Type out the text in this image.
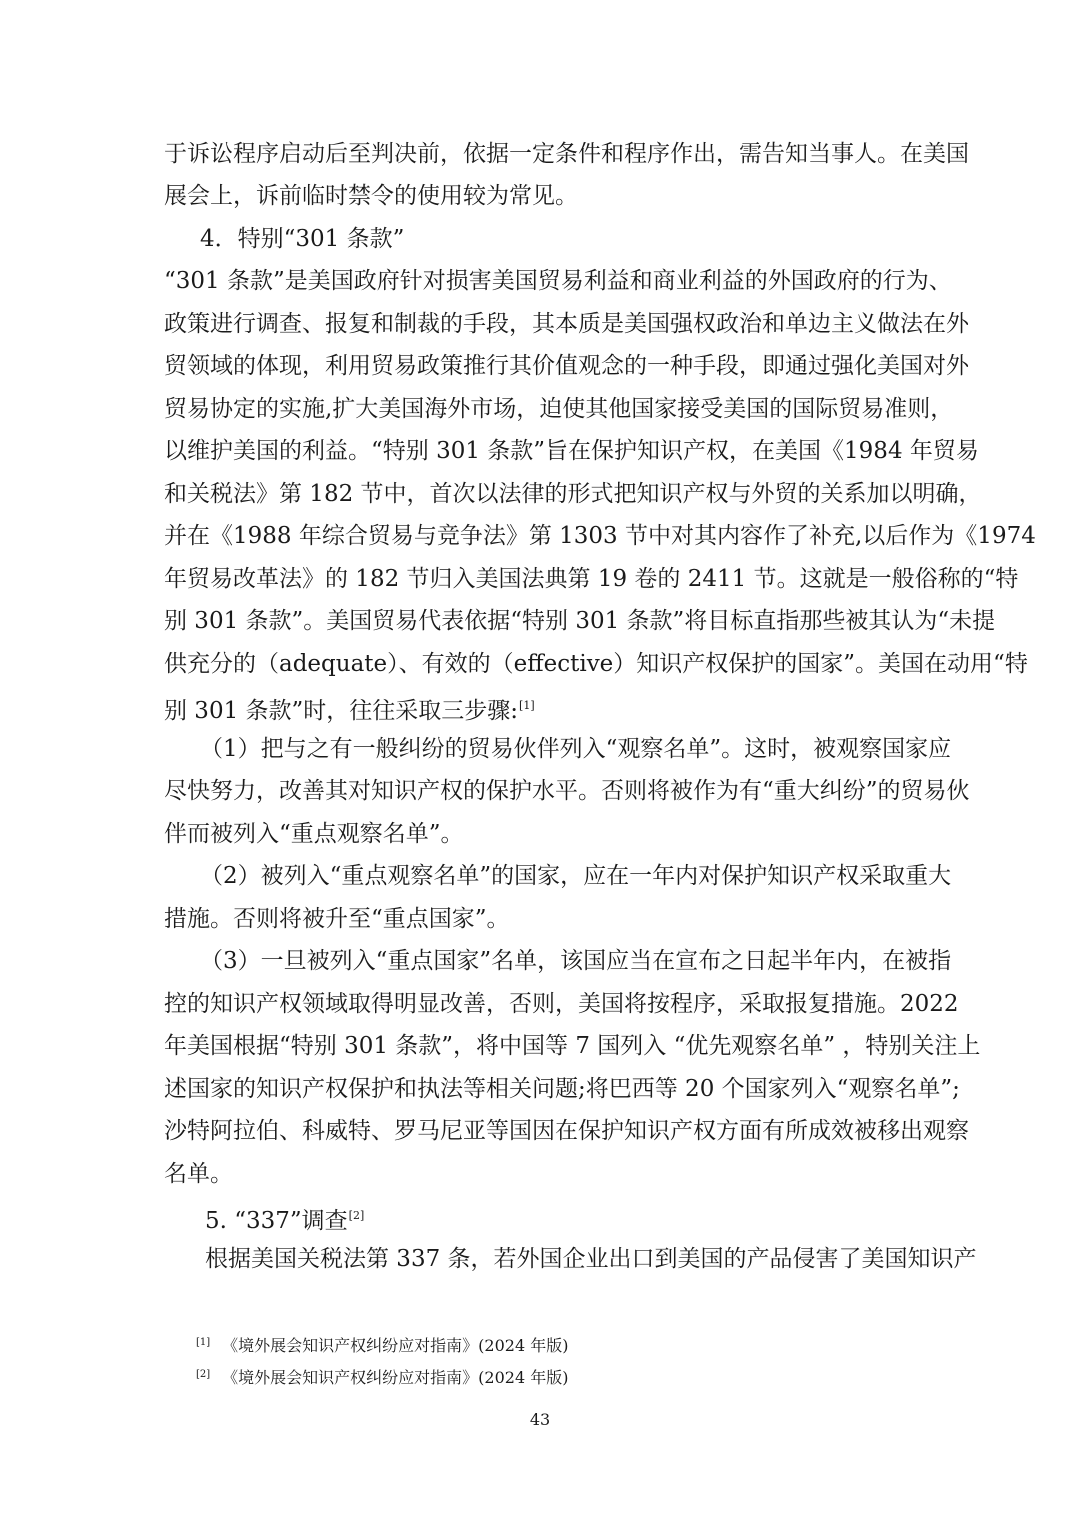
于诉讼程序启动后至判决前，依据一定条件和程序作出，需告知当事人。在美国
展会上，诉前临时禁令的使用较为常见。
4．特别“301 条款”
“301 条款”是美国政府针对损害美国贸易利益和商业利益的外国政府的行为、
政策进行调查、报复和制裁的手段，其本质是美国强权政治和单边主义做法在外
贸领域的体现，利用贸易政策推行其价值观念的一种手段，即通过强化美国对外
贸易协定的实施,扩大美国海外市场，迫使其他国家接受美国的国际贸易准则，
以维护美国的利益。“特别 301 条款”旨在保护知识产权，在美国《1984 年贸易
和关税法》第 182 节中，首次以法律的形式把知识产权与外贸的关系加以明确，
并在《1988 年综合贸易与竞争法》第 1303 节中对其内容作了补充,以后作为《1974
年贸易改革法》的 182 节归入美国法典第 19 卷的 2411 节。这就是一般俗称的“特
别 301 条款”。美国贸易代表依据“特别 301 条款”将目标直指那些被其认为“未提
供充分的（adequate）、有效的（effective）知识产权保护的国家”。美国在动用“特
别 301 条款”时，往往采取三步骤:[1]
（1）把与之有一般纠纷的贸易伙伴列入“观察名单”。这时，被观察国家应
尽快努力，改善其对知识产权的保护水平。否则将被作为有“重大纠纷”的贸易伙
伴而被列入“重点观察名单”。
（2）被列入“重点观察名单”的国家，应在一年内对保护知识产权采取重大
措施。否则将被升至“重点国家”。
（3）一旦被列入“重点国家”名单，该国应当在宣布之日起半年内，在被指
控的知识产权领域取得明显改善，否则，美国将按程序，采取报复措施。2022
年美国根据“特别 301 条款”，将中国等 7 国列入 “优先观察名单” ，特别关注上
述国家的知识产权保护和执法等相关问题;将巴西等 20 个国家列入“观察名单”;
沙特阿拉伯、科威特、罗马尼亚等国因在保护知识产权方面有所成效被移出观察
名单。
5. “337”调查[2]
根据美国关税法第 337 条，若外国企业出口到美国的产品侵害了美国知识产
[1] 《境外展会知识产权纠纷应对指南》(2024 年版)
[2] 《境外展会知识产权纠纷应对指南》(2024 年版)
43
